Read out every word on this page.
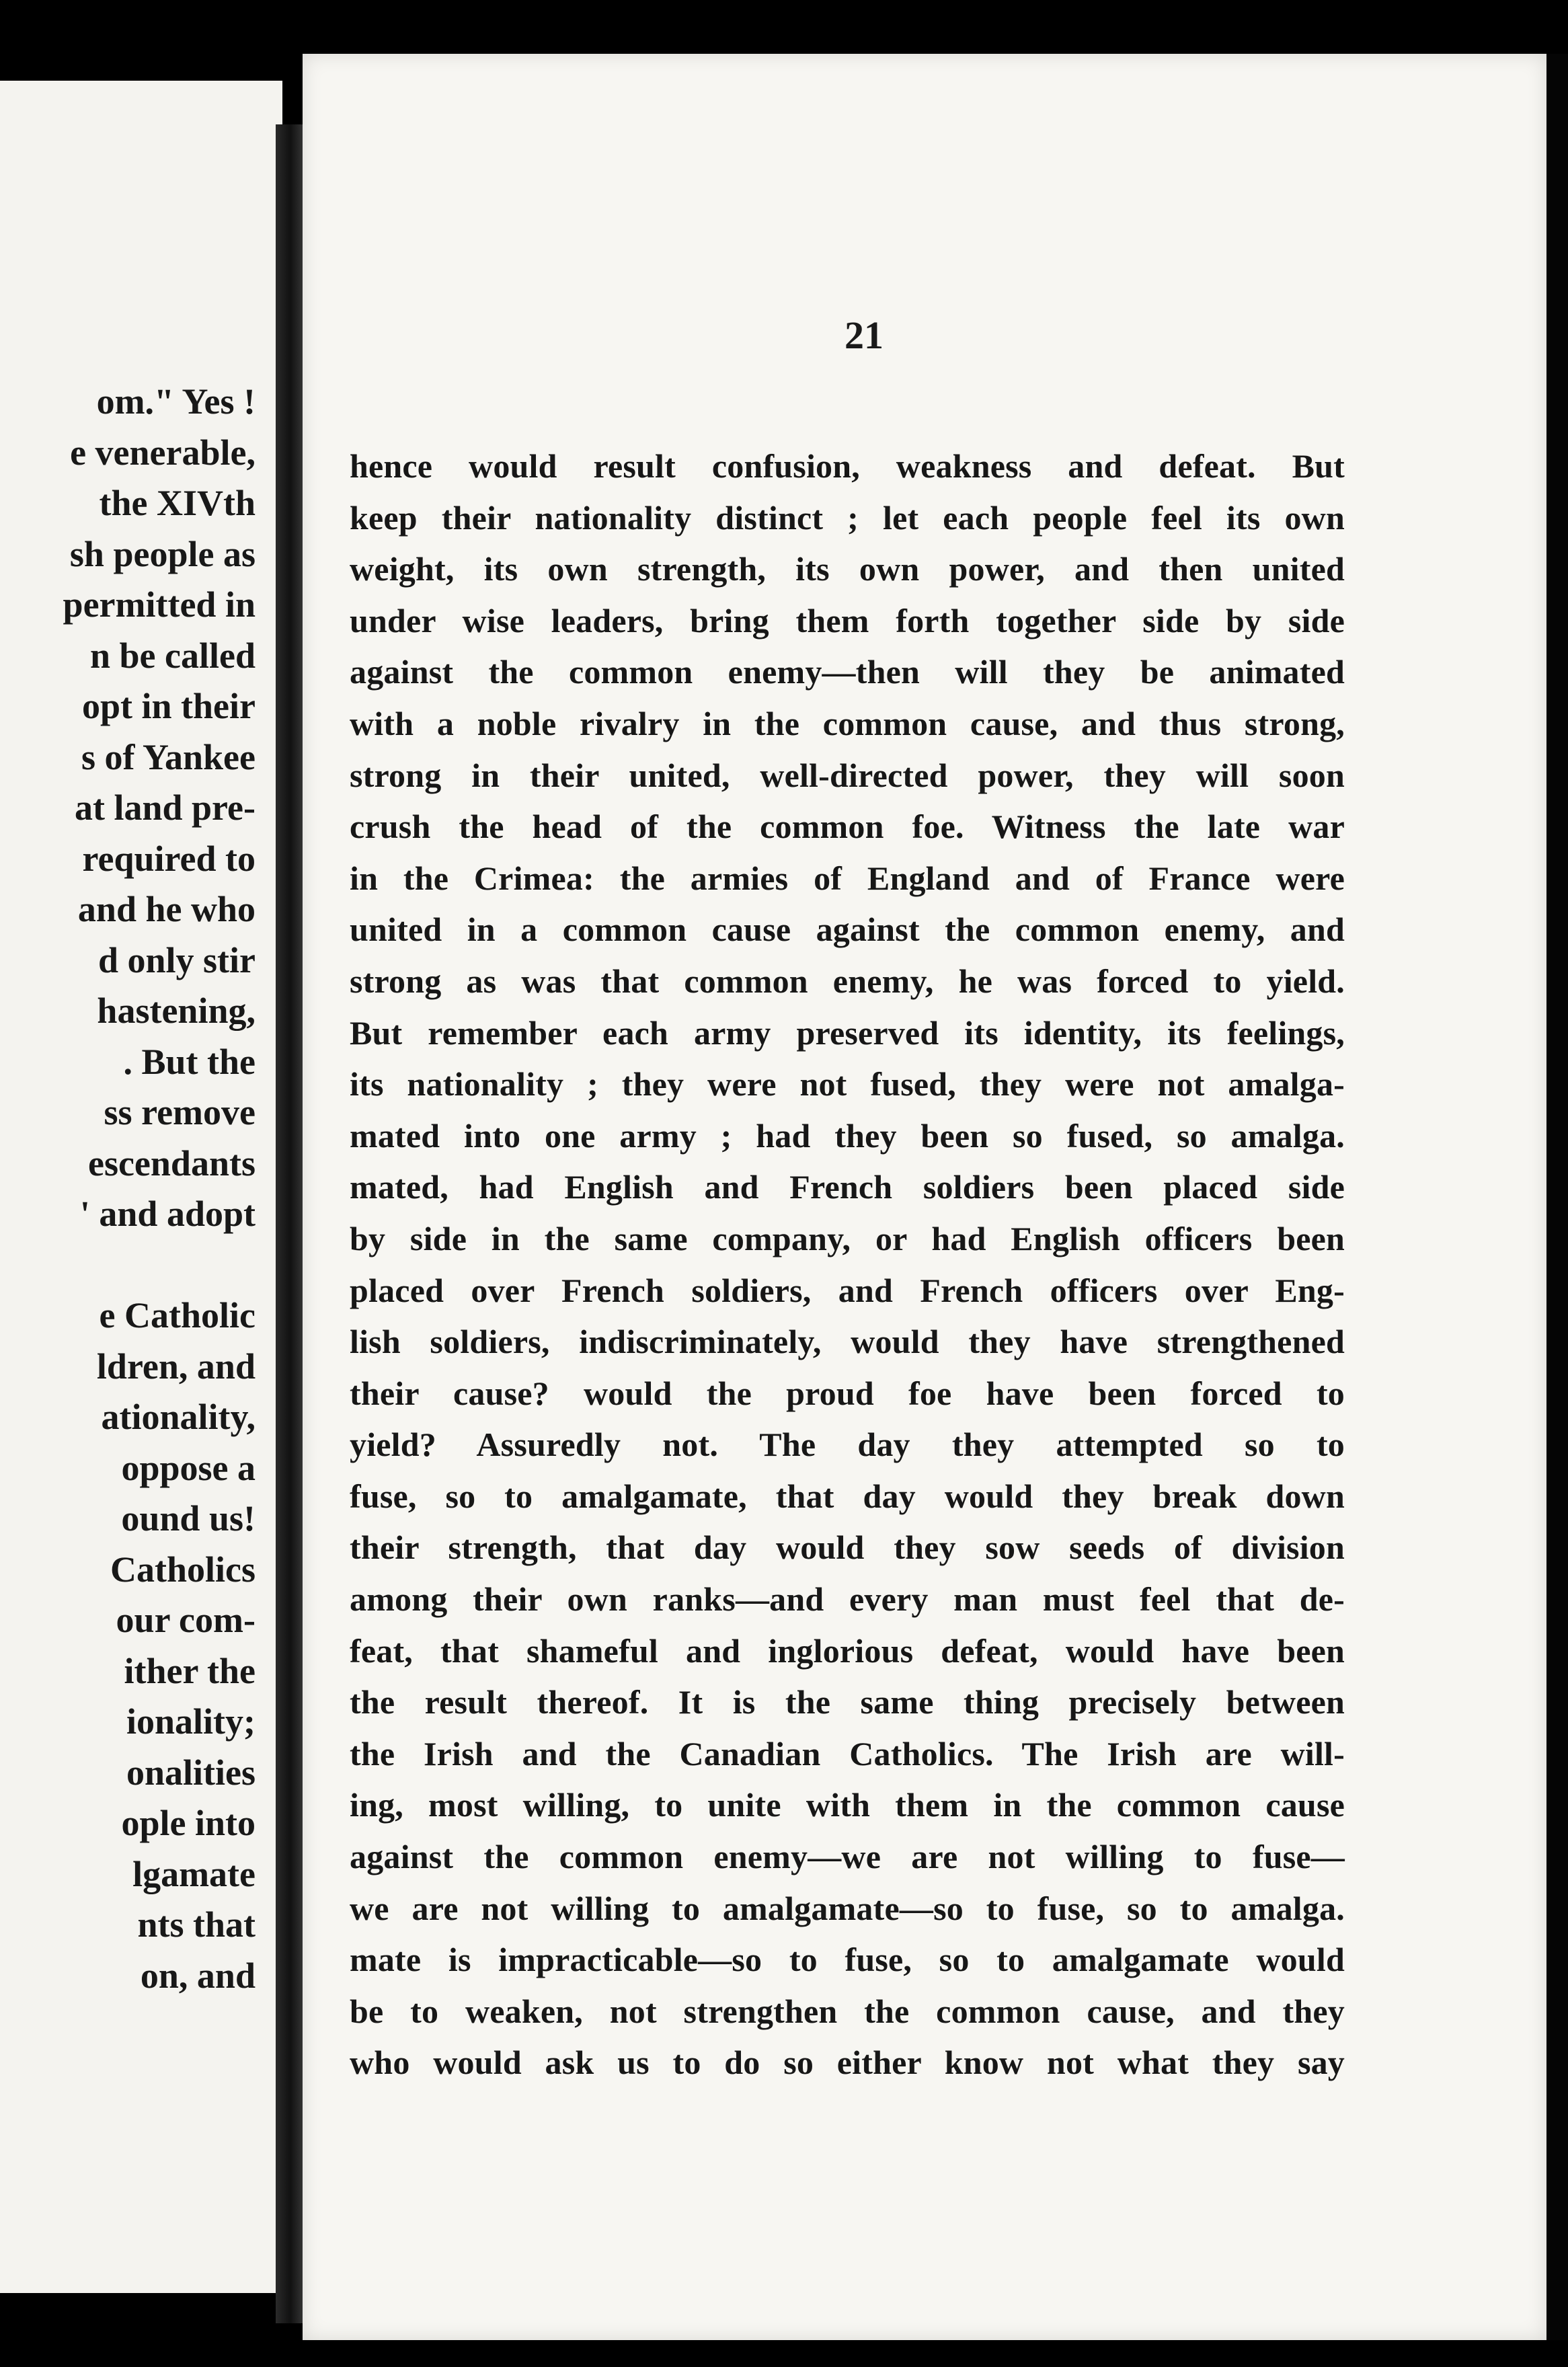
om." Yes !
e venerable,
the XIVth
sh people as
permitted in
n be called
opt in their
s of Yankee
at land pre-
required to
and he who
d only stir
hastening,
. But the
ss remove
escendants
' and adopt

e Catholic
ldren, and
ationality,
oppose a
ound us!
Catholics
our com-
ither the
ionality;
onalities
ople into
lgamate
nts that
on, and
21
hence would result confusion, weakness and defeat. But
keep their nationality distinct ; let each people feel its own
weight, its own strength, its own power, and then united
under wise leaders, bring them forth together side by side
against the common enemy—then will they be animated
with a noble rivalry in the common cause, and thus strong,
strong in their united, well-directed power, they will soon
crush the head of the common foe. Witness the late war
in the Crimea: the armies of England and of France were
united in a common cause against the common enemy, and
strong as was that common enemy, he was forced to yield.
But remember each army preserved its identity, its feelings,
its nationality ; they were not fused, they were not amalga-
mated into one army ; had they been so fused, so amalga.
mated, had English and French soldiers been placed side
by side in the same company, or had English officers been
placed over French soldiers, and French officers over Eng-
lish soldiers, indiscriminately, would they have strengthened
their cause? would the proud foe have been forced to
yield? Assuredly not. The day they attempted so to
fuse, so to amalgamate, that day would they break down
their strength, that day would they sow seeds of division
among their own ranks—and every man must feel that de-
feat, that shameful and inglorious defeat, would have been
the result thereof. It is the same thing precisely between
the Irish and the Canadian Catholics. The Irish are will-
ing, most willing, to unite with them in the common cause
against the common enemy—we are not willing to fuse—
we are not willing to amalgamate—so to fuse, so to amalga.
mate is impracticable—so to fuse, so to amalgamate would
be to weaken, not strengthen the common cause, and they
who would ask us to do so either know not what they say
